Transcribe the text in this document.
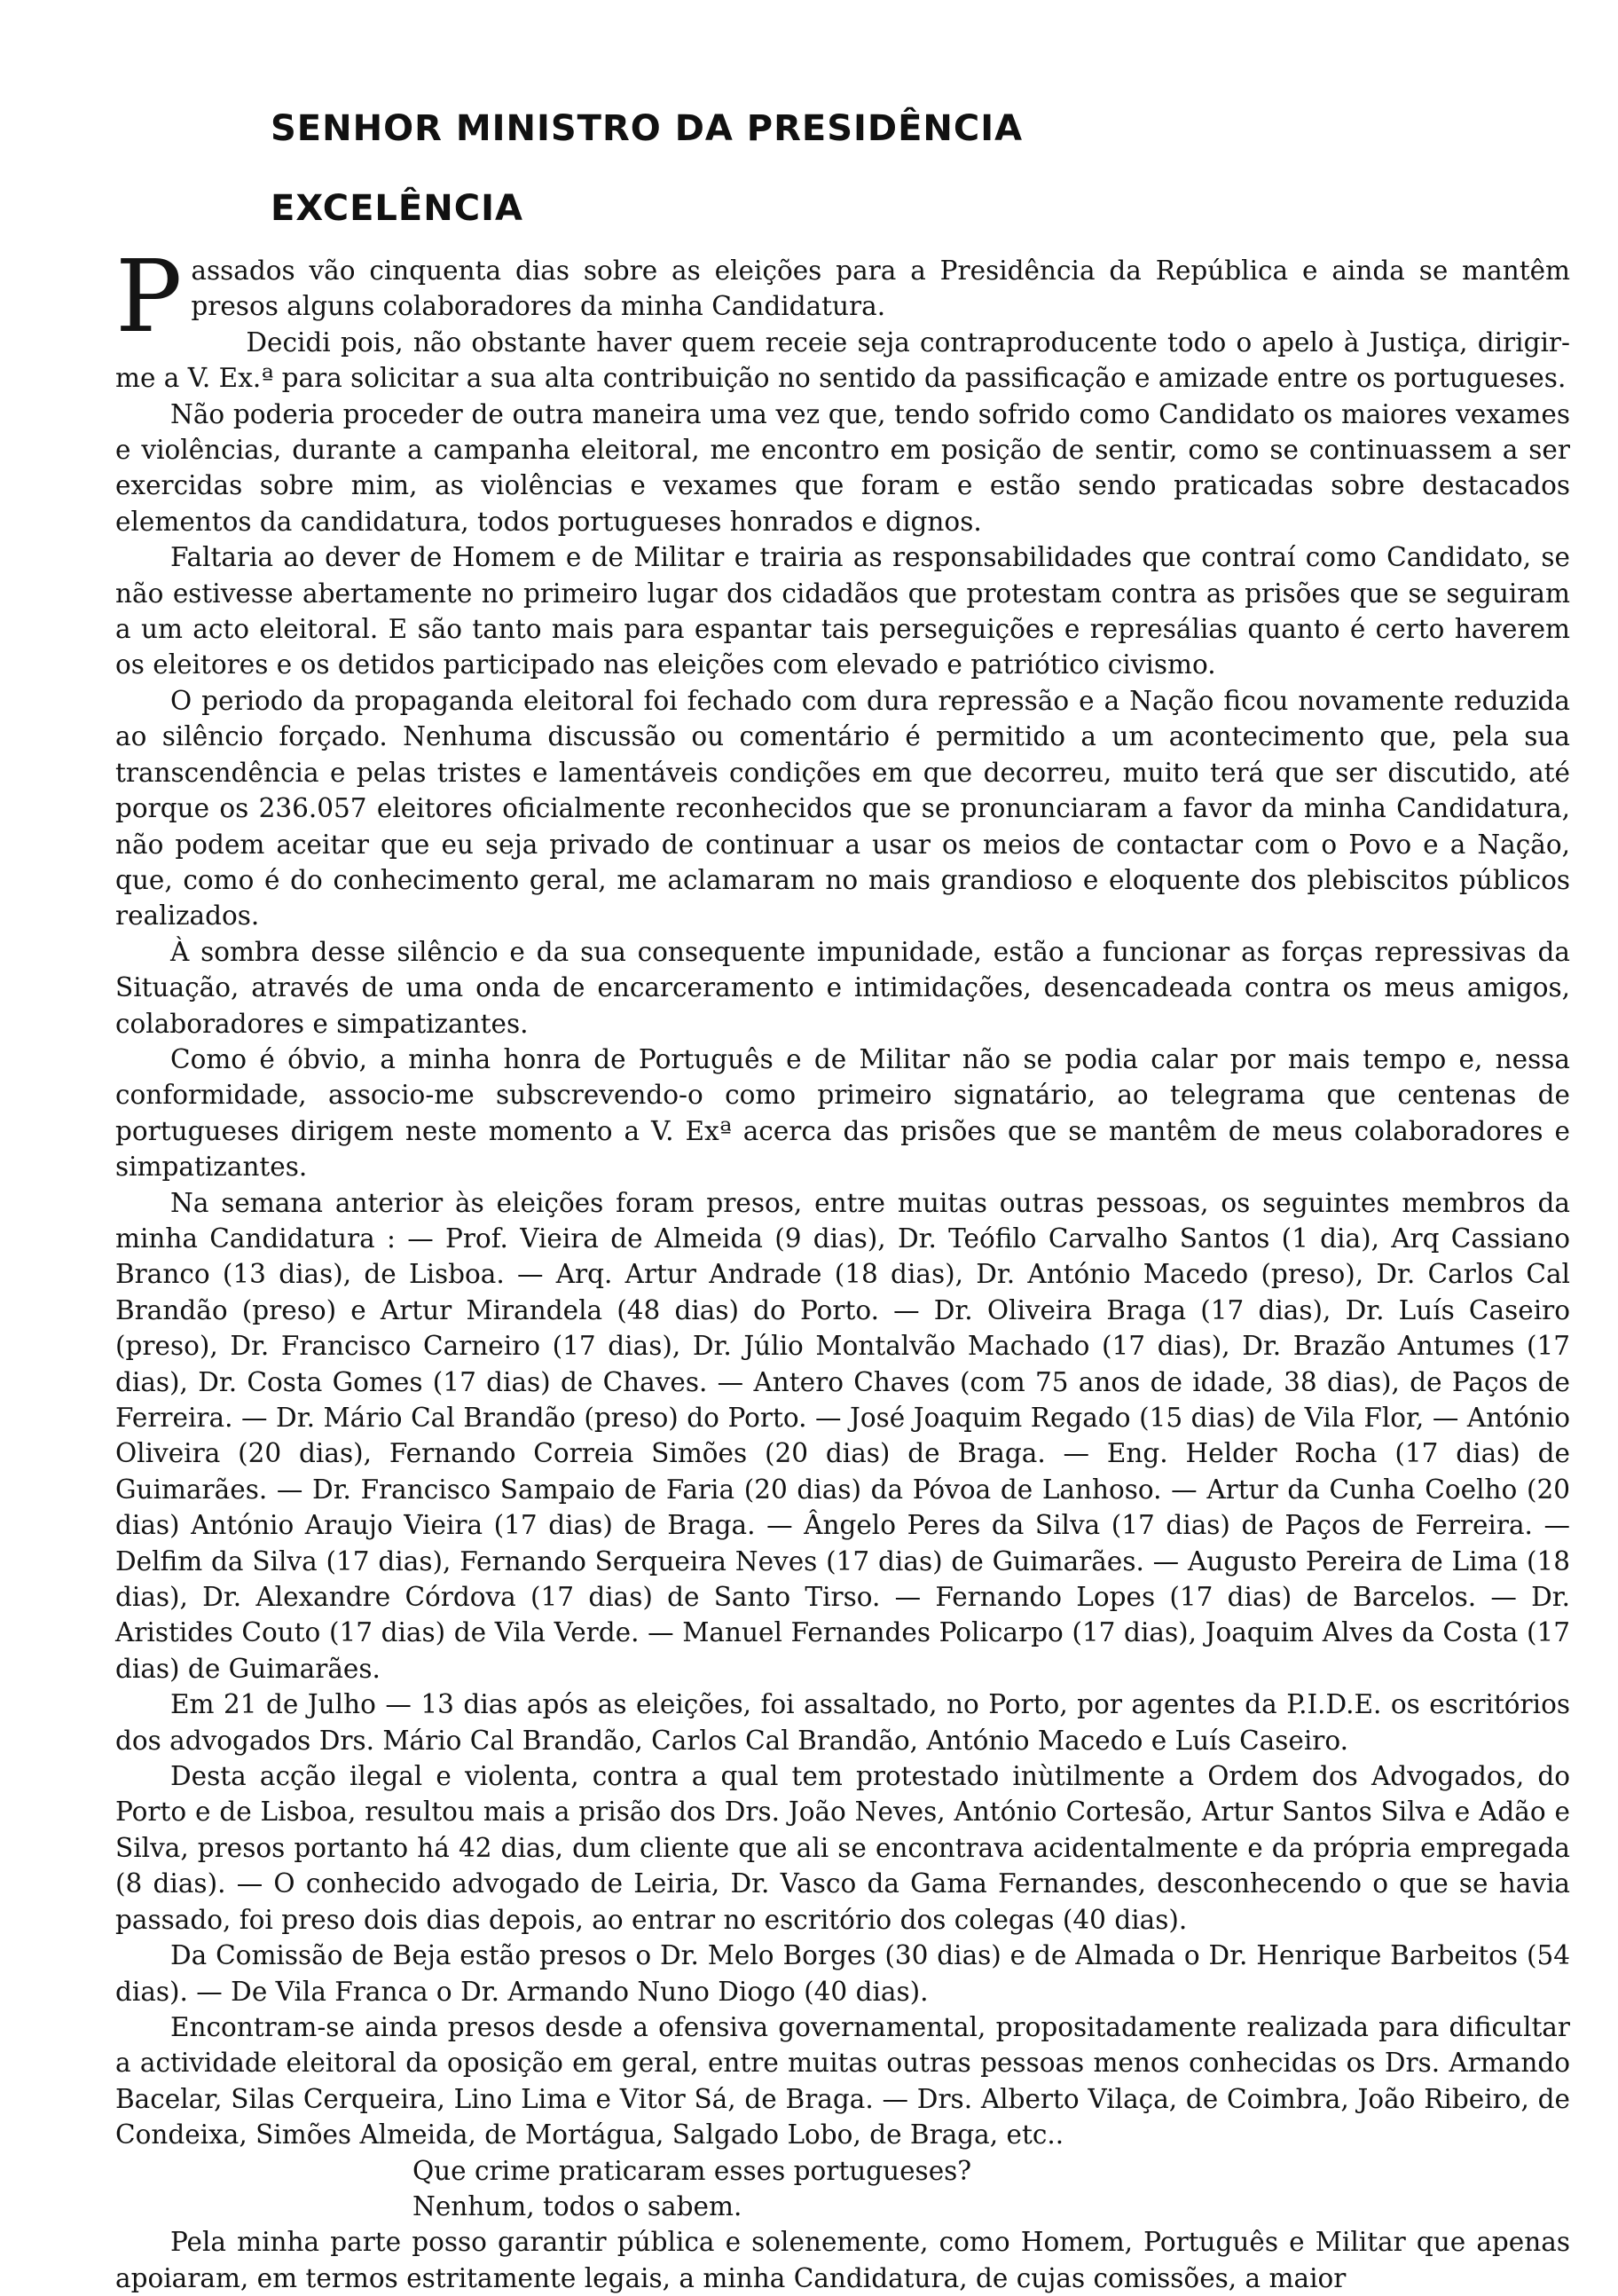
SENHOR MINISTRO DA PRESIDÊNCIA
EXCELÊNCIA

Passados vão cinquenta dias sobre as eleições para a Presidência da República e ainda se mantêm presos alguns colaboradores da minha Candidatura.

Decidi pois, não obstante haver quem receie seja contraproducente todo o apelo à Justiça, dirigir-me a V. Ex.ª para solicitar a sua alta contribuição no sentido da passificação e amizade entre os portugueses.

Não poderia proceder de outra maneira uma vez que, tendo sofrido como Candidato os maiores vexames e violências, durante a campanha eleitoral, me encontro em posição de sentir, como se continuassem a ser exercidas sobre mim, as violências e vexames que foram e estão sendo praticadas sobre destacados elementos da candidatura, todos portugueses honrados e dignos.

Faltaria ao dever de Homem e de Militar e trairia as responsabilidades que contraí como Candidato, se não estivesse abertamente no primeiro lugar dos cidadãos que protestam contra as prisões que se seguiram a um acto eleitoral. E são tanto mais para espantar tais perseguições e represálias quanto é certo haverem os eleitores e os detidos participado nas eleições com elevado e patriótico civismo.

O periodo da propaganda eleitoral foi fechado com dura repressão e a Nação ficou novamente reduzida ao silêncio forçado. Nenhuma discussão ou comentário é permitido a um acontecimento que, pela sua transcendência e pelas tristes e lamentáveis condições em que decorreu, muito terá que ser discutido, até porque os 236.057 eleitores oficialmente reconhecidos que se pronunciaram a favor da minha Candidatura, não podem aceitar que eu seja privado de continuar a usar os meios de contactar com o Povo e a Nação, que, como é do conhecimento geral, me aclamaram no mais grandioso e eloquente dos plebiscitos públicos realizados.

À sombra desse silêncio e da sua consequente impunidade, estão a funcionar as forças repressivas da Situação, através de uma onda de encarceramento e intimidações, desencadeada contra os meus amigos, colaboradores e simpatizantes.

Como é óbvio, a minha honra de Português e de Militar não se podia calar por mais tempo e, nessa conformidade, associo-me subscrevendo-o como primeiro signatário, ao telegrama que centenas de portugueses dirigem neste momento a V. Exª acerca das prisões que se mantêm de meus colaboradores e simpatizantes.

Na semana anterior às eleições foram presos, entre muitas outras pessoas, os seguintes membros da minha Candidatura : — Prof. Vieira de Almeida (9 dias), Dr. Teófilo Carvalho Santos (1 dia), Arq Cassiano Branco (13 dias), de Lisboa. — Arq. Artur Andrade (18 dias), Dr. António Macedo (preso), Dr. Carlos Cal Brandão (preso) e Artur Mirandela (48 dias) do Porto. — Dr. Oliveira Braga (17 dias), Dr. Luís Caseiro (preso), Dr. Francisco Carneiro (17 dias), Dr. Júlio Montalvão Machado (17 dias), Dr. Brazão Antumes (17 dias), Dr. Costa Gomes (17 dias) de Chaves. — Antero Chaves (com 75 anos de idade, 38 dias), de Paços de Ferreira. — Dr. Mário Cal Brandão (preso) do Porto. — José Joaquim Regado (15 dias) de Vila Flor, — António Oliveira (20 dias), Fernando Correia Simões (20 dias) de Braga. — Eng. Helder Rocha (17 dias) de Guimarães. — Dr. Francisco Sampaio de Faria (20 dias) da Póvoa de Lanhoso. — Artur da Cunha Coelho (20 dias) António Araujo Vieira (17 dias) de Braga. — Ângelo Peres da Silva (17 dias) de Paços de Ferreira. — Delfim da Silva (17 dias), Fernando Serqueira Neves (17 dias) de Guimarães. — Augusto Pereira de Lima (18 dias), Dr. Alexandre Córdova (17 dias) de Santo Tirso. — Fernando Lopes (17 dias) de Barcelos. — Dr. Aristides Couto (17 dias) de Vila Verde. — Manuel Fernandes Policarpo (17 dias), Joaquim Alves da Costa (17 dias) de Guimarães.

Em 21 de Julho — 13 dias após as eleições, foi assaltado, no Porto, por agentes da P.I.D.E. os escritórios dos advogados Drs. Mário Cal Brandão, Carlos Cal Brandão, António Macedo e Luís Caseiro.

Desta acção ilegal e violenta, contra a qual tem protestado inùtilmente a Ordem dos Advogados, do Porto e de Lisboa, resultou mais a prisão dos Drs. João Neves, António Cortesão, Artur Santos Silva e Adão e Silva, presos portanto há 42 dias, dum cliente que ali se encontrava acidentalmente e da própria empregada (8 dias). — O conhecido advogado de Leiria, Dr. Vasco da Gama Fernandes, desconhecendo o que se havia passado, foi preso dois dias depois, ao entrar no escritório dos colegas (40 dias).

Da Comissão de Beja estão presos o Dr. Melo Borges (30 dias) e de Almada o Dr. Henrique Barbeitos (54 dias). — De Vila Franca o Dr. Armando Nuno Diogo (40 dias).

Encontram-se ainda presos desde a ofensiva governamental, propositadamente realizada para dificultar a actividade eleitoral da oposição em geral, entre muitas outras pessoas menos conhecidas os Drs. Armando Bacelar, Silas Cerqueira, Lino Lima e Vitor Sá, de Braga. — Drs. Alberto Vilaça, de Coimbra, João Ribeiro, de Condeixa, Simões Almeida, de Mortágua, Salgado Lobo, de Braga, etc..

Que crime praticaram esses portugueses?

Nenhum, todos o sabem.

Pela minha parte posso garantir pública e solenemente, como Homem, Português e Militar que apenas apoiaram, em termos estritamente legais, a minha Candidatura, de cujas comissões, a maior
